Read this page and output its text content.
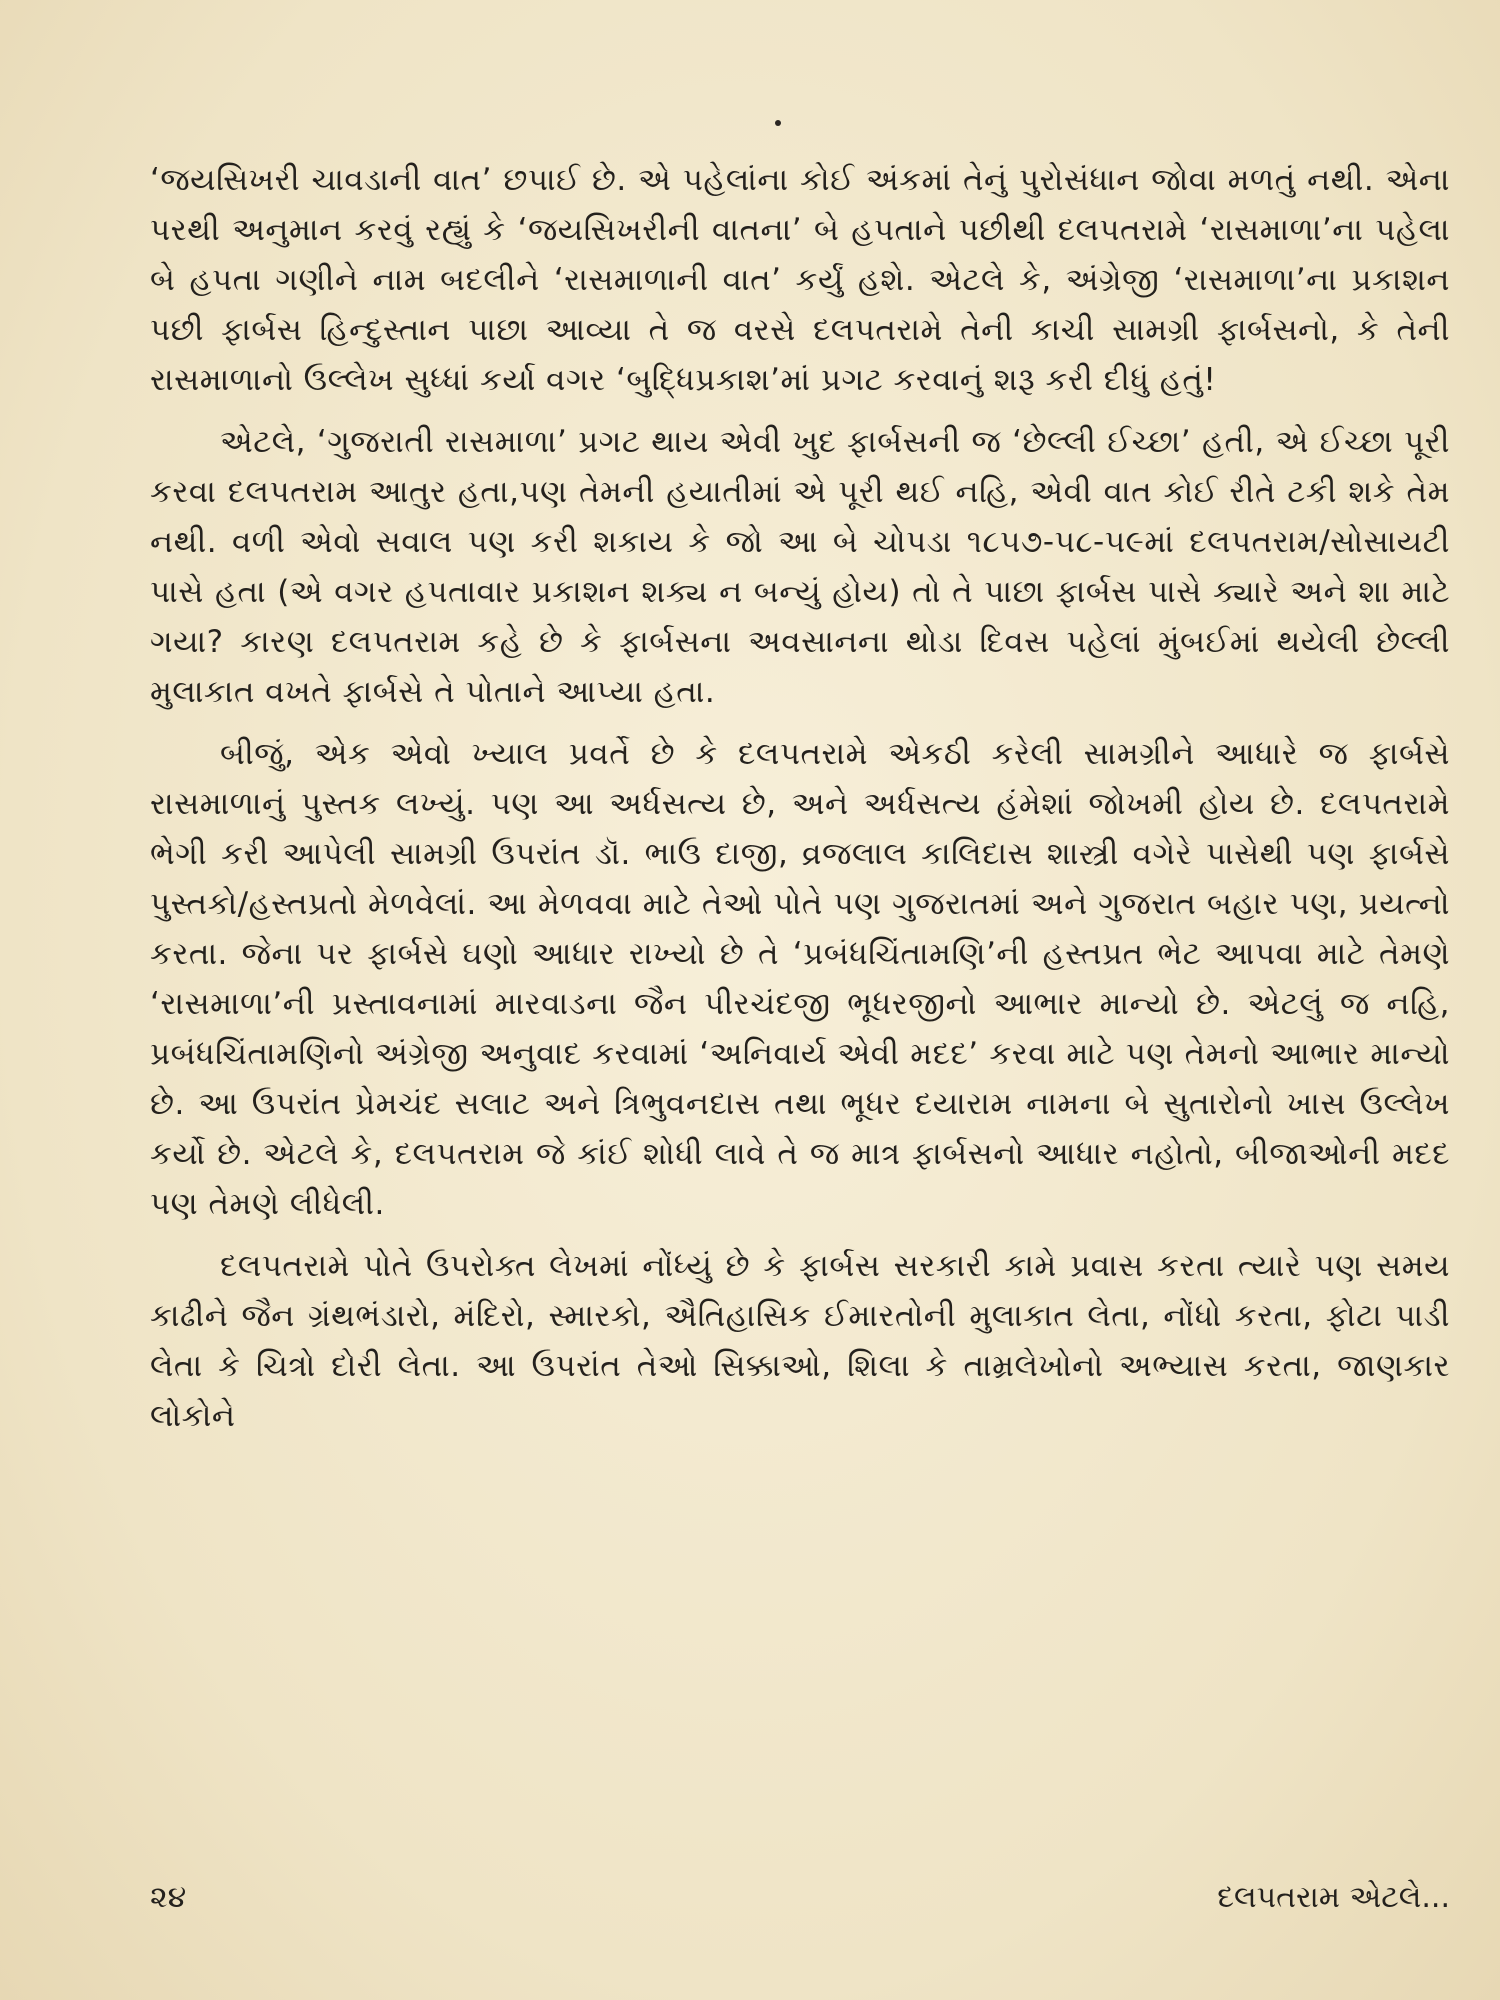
‘જયસિખરી ચાવડાની વાત’ છપાઈ છે. એ પહેલાંના કોઈ અંકમાં તેનું પુરોસંધાન જોવા મળતું નથી. એના પરથી અનુમાન કરવું રહ્યું કે ‘જયસિખરીની વાતના’ બે હપતાને પછીથી દલપતરામે ‘રાસમાળા’ના પહેલા બે હપતા ગણીને નામ બદલીને ‘રાસમાળાની વાત’ કર્યું હશે. એટલે કે, અંગ્રેજી ‘રાસમાળા’ના પ્રકાશન પછી ફાર્બસ હિન્દુસ્તાન પાછા આવ્યા તે જ વરસે દલપતરામે તેની કાચી સામગ્રી ફાર્બસનો, કે તેની રાસમાળાનો ઉલ્લેખ સુધ્ધાં કર્યા વગર ‘બુદ્ધિપ્રકાશ’માં પ્રગટ કરવાનું શરૂ કરી દીધું હતું!

એટલે, ‘ગુજરાતી રાસમાળા’ પ્રગટ થાય એવી ખુદ ફાર્બસની જ ‘છેલ્લી ઈચ્છા’ હતી, એ ઈચ્છા પૂરી કરવા દલપતરામ આતુર હતા,પણ તેમની હયાતીમાં એ પૂરી થઈ નહિ, એવી વાત કોઈ રીતે ટકી શકે તેમ નથી. વળી એવો સવાલ પણ કરી શકાય કે જો આ બે ચોપડા ૧૮૫૭-૫૮-૫૯માં દલપતરામ/સોસાયટી પાસે હતા (એ વગર હપતાવાર પ્રકાશન શક્ય ન બન્યું હોય) તો તે પાછા ફાર્બસ પાસે ક્યારે અને શા માટે ગયા? કારણ દલપતરામ કહે છે કે ફાર્બસના અવસાનના થોડા દિવસ પહેલાં મુંબઈમાં થયેલી છેલ્લી મુલાકાત વખતે ફાર્બસે તે પોતાને આપ્યા હતા.

બીજું, એક એવો ખ્યાલ પ્રવર્તે છે કે દલપતરામે એકઠી કરેલી સામગ્રીને આધારે જ ફાર્બસે રાસમાળાનું પુસ્તક લખ્યું. પણ આ અર્ધસત્ય છે, અને અર્ધસત્ય હંમેશાં જોખમી હોય છે. દલપતરામે ભેગી કરી આપેલી સામગ્રી ઉપરાંત ડૉ. ભાઉ દાજી, વ્રજલાલ કાલિદાસ શાસ્ત્રી વગેરે પાસેથી પણ ફાર્બસે પુસ્તકો/હસ્તપ્રતો મેળવેલાં. આ મેળવવા માટે તેઓ પોતે પણ ગુજરાતમાં અને ગુજરાત બહાર પણ, પ્રયત્નો કરતા. જેના પર ફાર્બસે ઘણો આધાર રાખ્યો છે તે ‘પ્રબંધચિંતામણિ’ની હસ્તપ્રત ભેટ આપવા માટે તેમણે ‘રાસમાળા’ની પ્રસ્તાવનામાં મારવાડના જૈન પીરચંદજી ભૂધરજીનો આભાર માન્યો છે. એટલું જ નહિ, પ્રબંધચિંતામણિનો અંગ્રેજી અનુવાદ કરવામાં ‘અનિવાર્ય એવી મદદ’ કરવા માટે પણ તેમનો આભાર માન્યો છે. આ ઉપરાંત પ્રેમચંદ સલાટ અને ત્રિભુવનદાસ તથા ભૂધર દયારામ નામના બે સુતારોનો ખાસ ઉલ્લેખ કર્યો છે. એટલે કે, દલપતરામ જે કાંઈ શોધી લાવે તે જ માત્ર ફાર્બસનો આધાર નહોતો, બીજાઓની મદદ પણ તેમણે લીધેલી.

દલપતરામે પોતે ઉપરોક્ત લેખમાં નોંધ્યું છે કે ફાર્બસ સરકારી કામે પ્રવાસ કરતા ત્યારે પણ સમય કાઢીને જૈન ગ્રંથભંડારો, મંદિરો, સ્મારકો, ઐતિહાસિક ઈમારતોની મુલાકાત લેતા, નોંધો કરતા, ફોટા પાડી લેતા કે ચિત્રો દોરી લેતા. આ ઉપરાંત તેઓ સિક્કાઓ, શિલા કે તામ્રલેખોનો અભ્યાસ કરતા, જાણકાર લોકોને

૨૪	દલપતરામ એટલે...
